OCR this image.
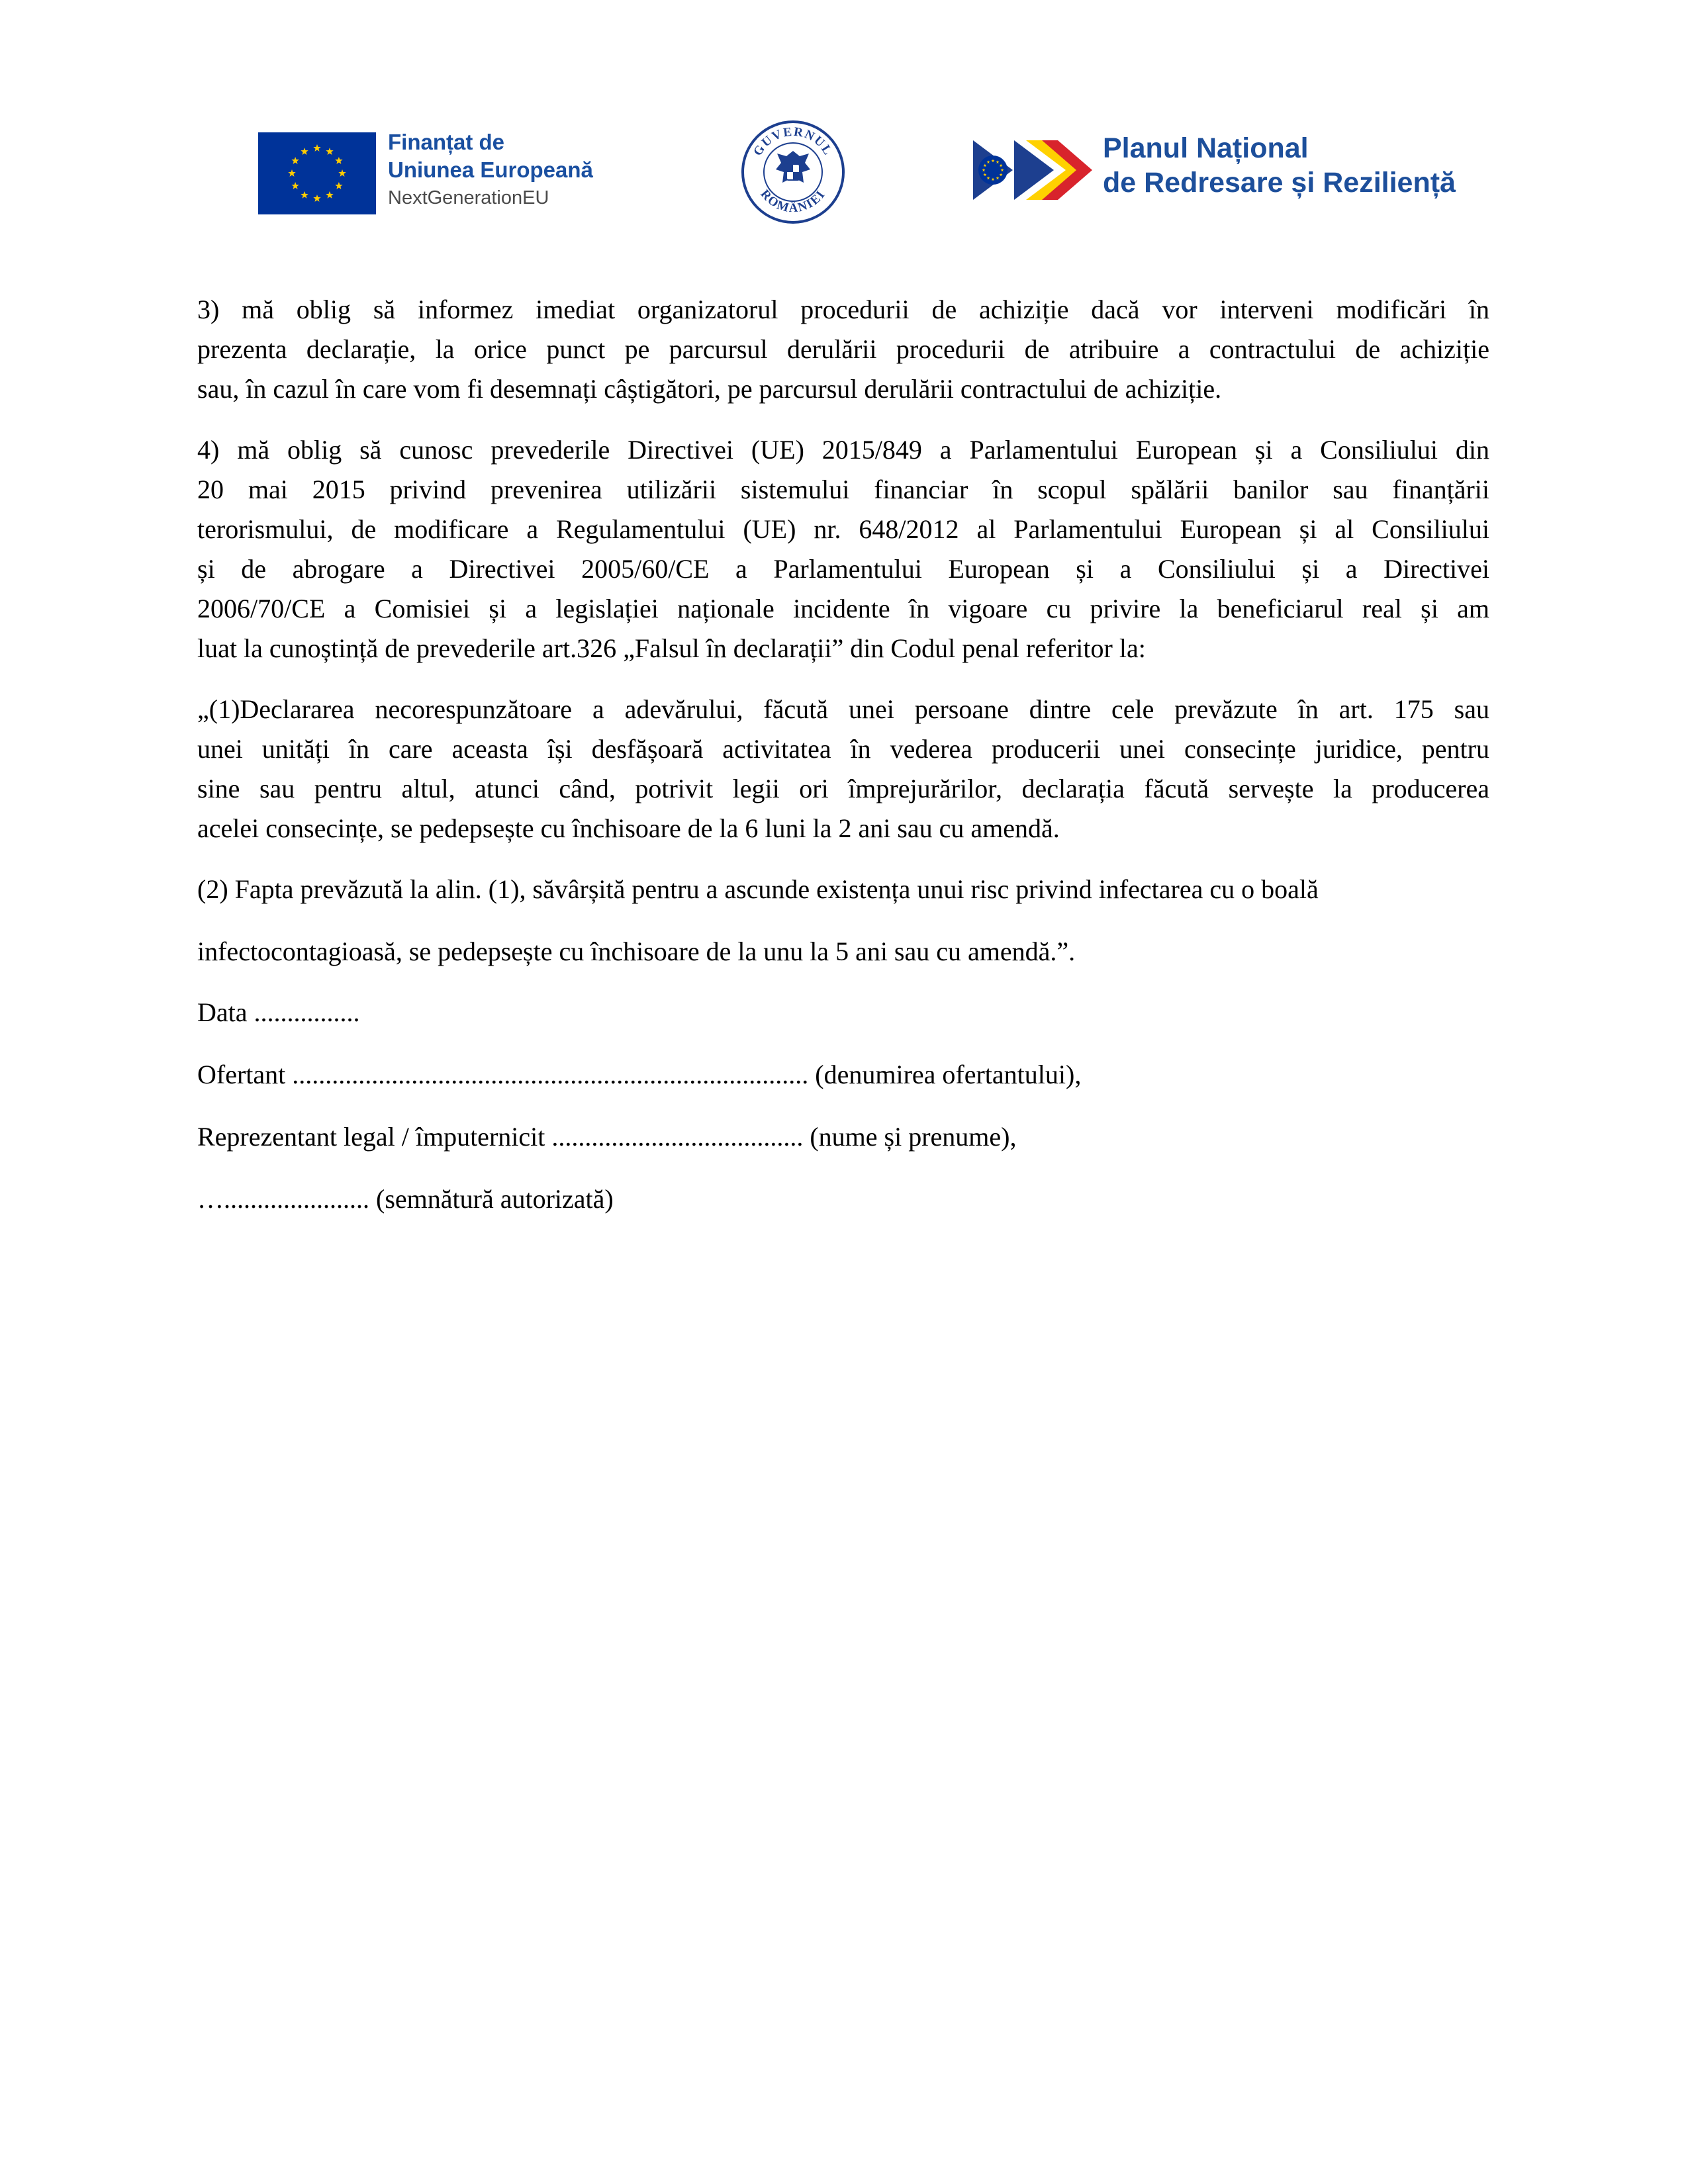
Finanțat de
Uniunea Europeană
NextGenerationEU
GUVERNUL
ROMÂNIEI
Planul Național
de Redresare și Reziliență
3) mă oblig să informez imediat organizatorul procedurii de achiziție dacă vor interveni modificări în
prezenta declarație, la orice punct pe parcursul derulării procedurii de atribuire a contractului de achiziție
sau, în cazul în care vom fi desemnați câștigători, pe parcursul derulării contractului de achiziție.
4) mă oblig să cunosc prevederile Directivei (UE) 2015/849 a Parlamentului European și a Consiliului din
20 mai 2015 privind prevenirea utilizării sistemului financiar în scopul spălării banilor sau finanțării
terorismului, de modificare a Regulamentului (UE) nr. 648/2012 al Parlamentului European și al Consiliului
și de abrogare a Directivei 2005/60/CE a Parlamentului European și a Consiliului și a Directivei
2006/70/CE a Comisiei și a legislației naționale incidente în vigoare cu privire la beneficiarul real și am
luat la cunoștință de prevederile art.326 „Falsul în declarații” din Codul penal referitor la:
„(1)Declararea necorespunzătoare a adevărului, făcută unei persoane dintre cele prevăzute în art. 175 sau
unei unități în care aceasta își desfășoară activitatea în vederea producerii unei consecințe juridice, pentru
sine sau pentru altul, atunci când, potrivit legii ori împrejurărilor, declarația făcută servește la producerea
acelei consecințe, se pedepsește cu închisoare de la 6 luni la 2 ani sau cu amendă.
(2) Fapta prevăzută la alin. (1), săvârșită pentru a ascunde existența unui risc privind infectarea cu o boală
infectocontagioasă, se pedepsește cu închisoare de la unu la 5 ani sau cu amendă.”.
Data ................
Ofertant .............................................................................. (denumirea ofertantului),
Reprezentant legal / împuternicit ...................................... (nume și prenume),
…...................... (semnătură autorizată)
